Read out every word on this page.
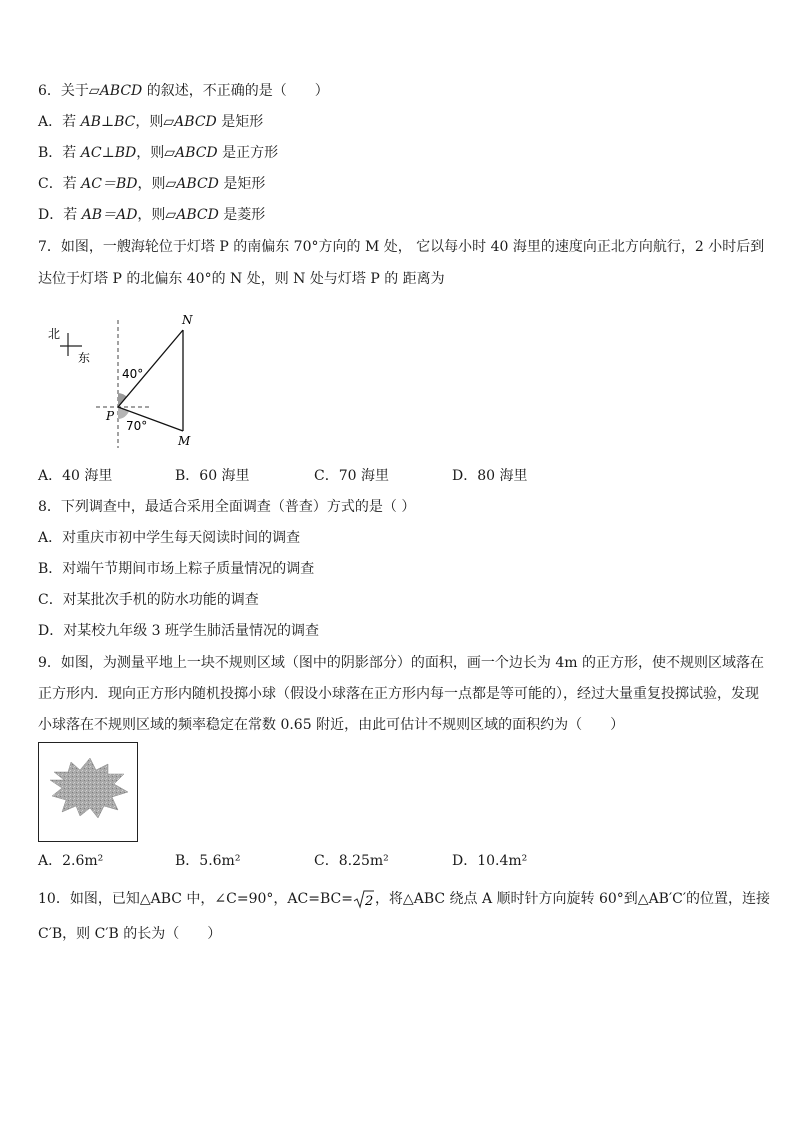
6．关于▱ABCD 的叙述，不正确的是（　　）
A．若 AB⊥BC，则▱ABCD 是矩形
B．若 AC⊥BD，则▱ABCD 是正方形
C．若 AC＝BD，则▱ABCD 是矩形
D．若 AB＝AD，则▱ABCD 是菱形
7．如图，一艘海轮位于灯塔 P 的南偏东 70°方向的 M 处， 它以每小时 40 海里的速度向正北方向航行，2 小时后到
达位于灯塔 P 的北偏东 40°的 N 处，则 N 处与灯塔 P 的 距离为
北
东
40°
70°
P
N
M
A．40 海里	B．60 海里	C．70 海里	D．80 海里
8．下列调查中，最适合采用全面调查（普查）方式的是（ ）
A．对重庆市初中学生每天阅读时间的调查
B．对端午节期间市场上粽子质量情况的调查
C．对某批次手机的防水功能的调查
D．对某校九年级 3 班学生肺活量情况的调查
9．如图，为测量平地上一块不规则区域（图中的阴影部分）的面积，画一个边长为 4m 的正方形，使不规则区域落在
正方形内．现向正方形内随机投掷小球（假设小球落在正方形内每一点都是等可能的），经过大量重复投掷试验，发现
小球落在不规则区域的频率稳定在常数 0.65 附近，由此可估计不规则区域的面积约为（　　）
A．2.6m²	B．5.6m²	C．8.25m²	D．10.4m²
10．如图，已知△ABC 中，∠C=90°，AC=BC= 2 ，将△ABC 绕点 A 顺时针方向旋转 60°到△AB′C′的位置，连接
C′B，则 C′B 的长为（　　）
